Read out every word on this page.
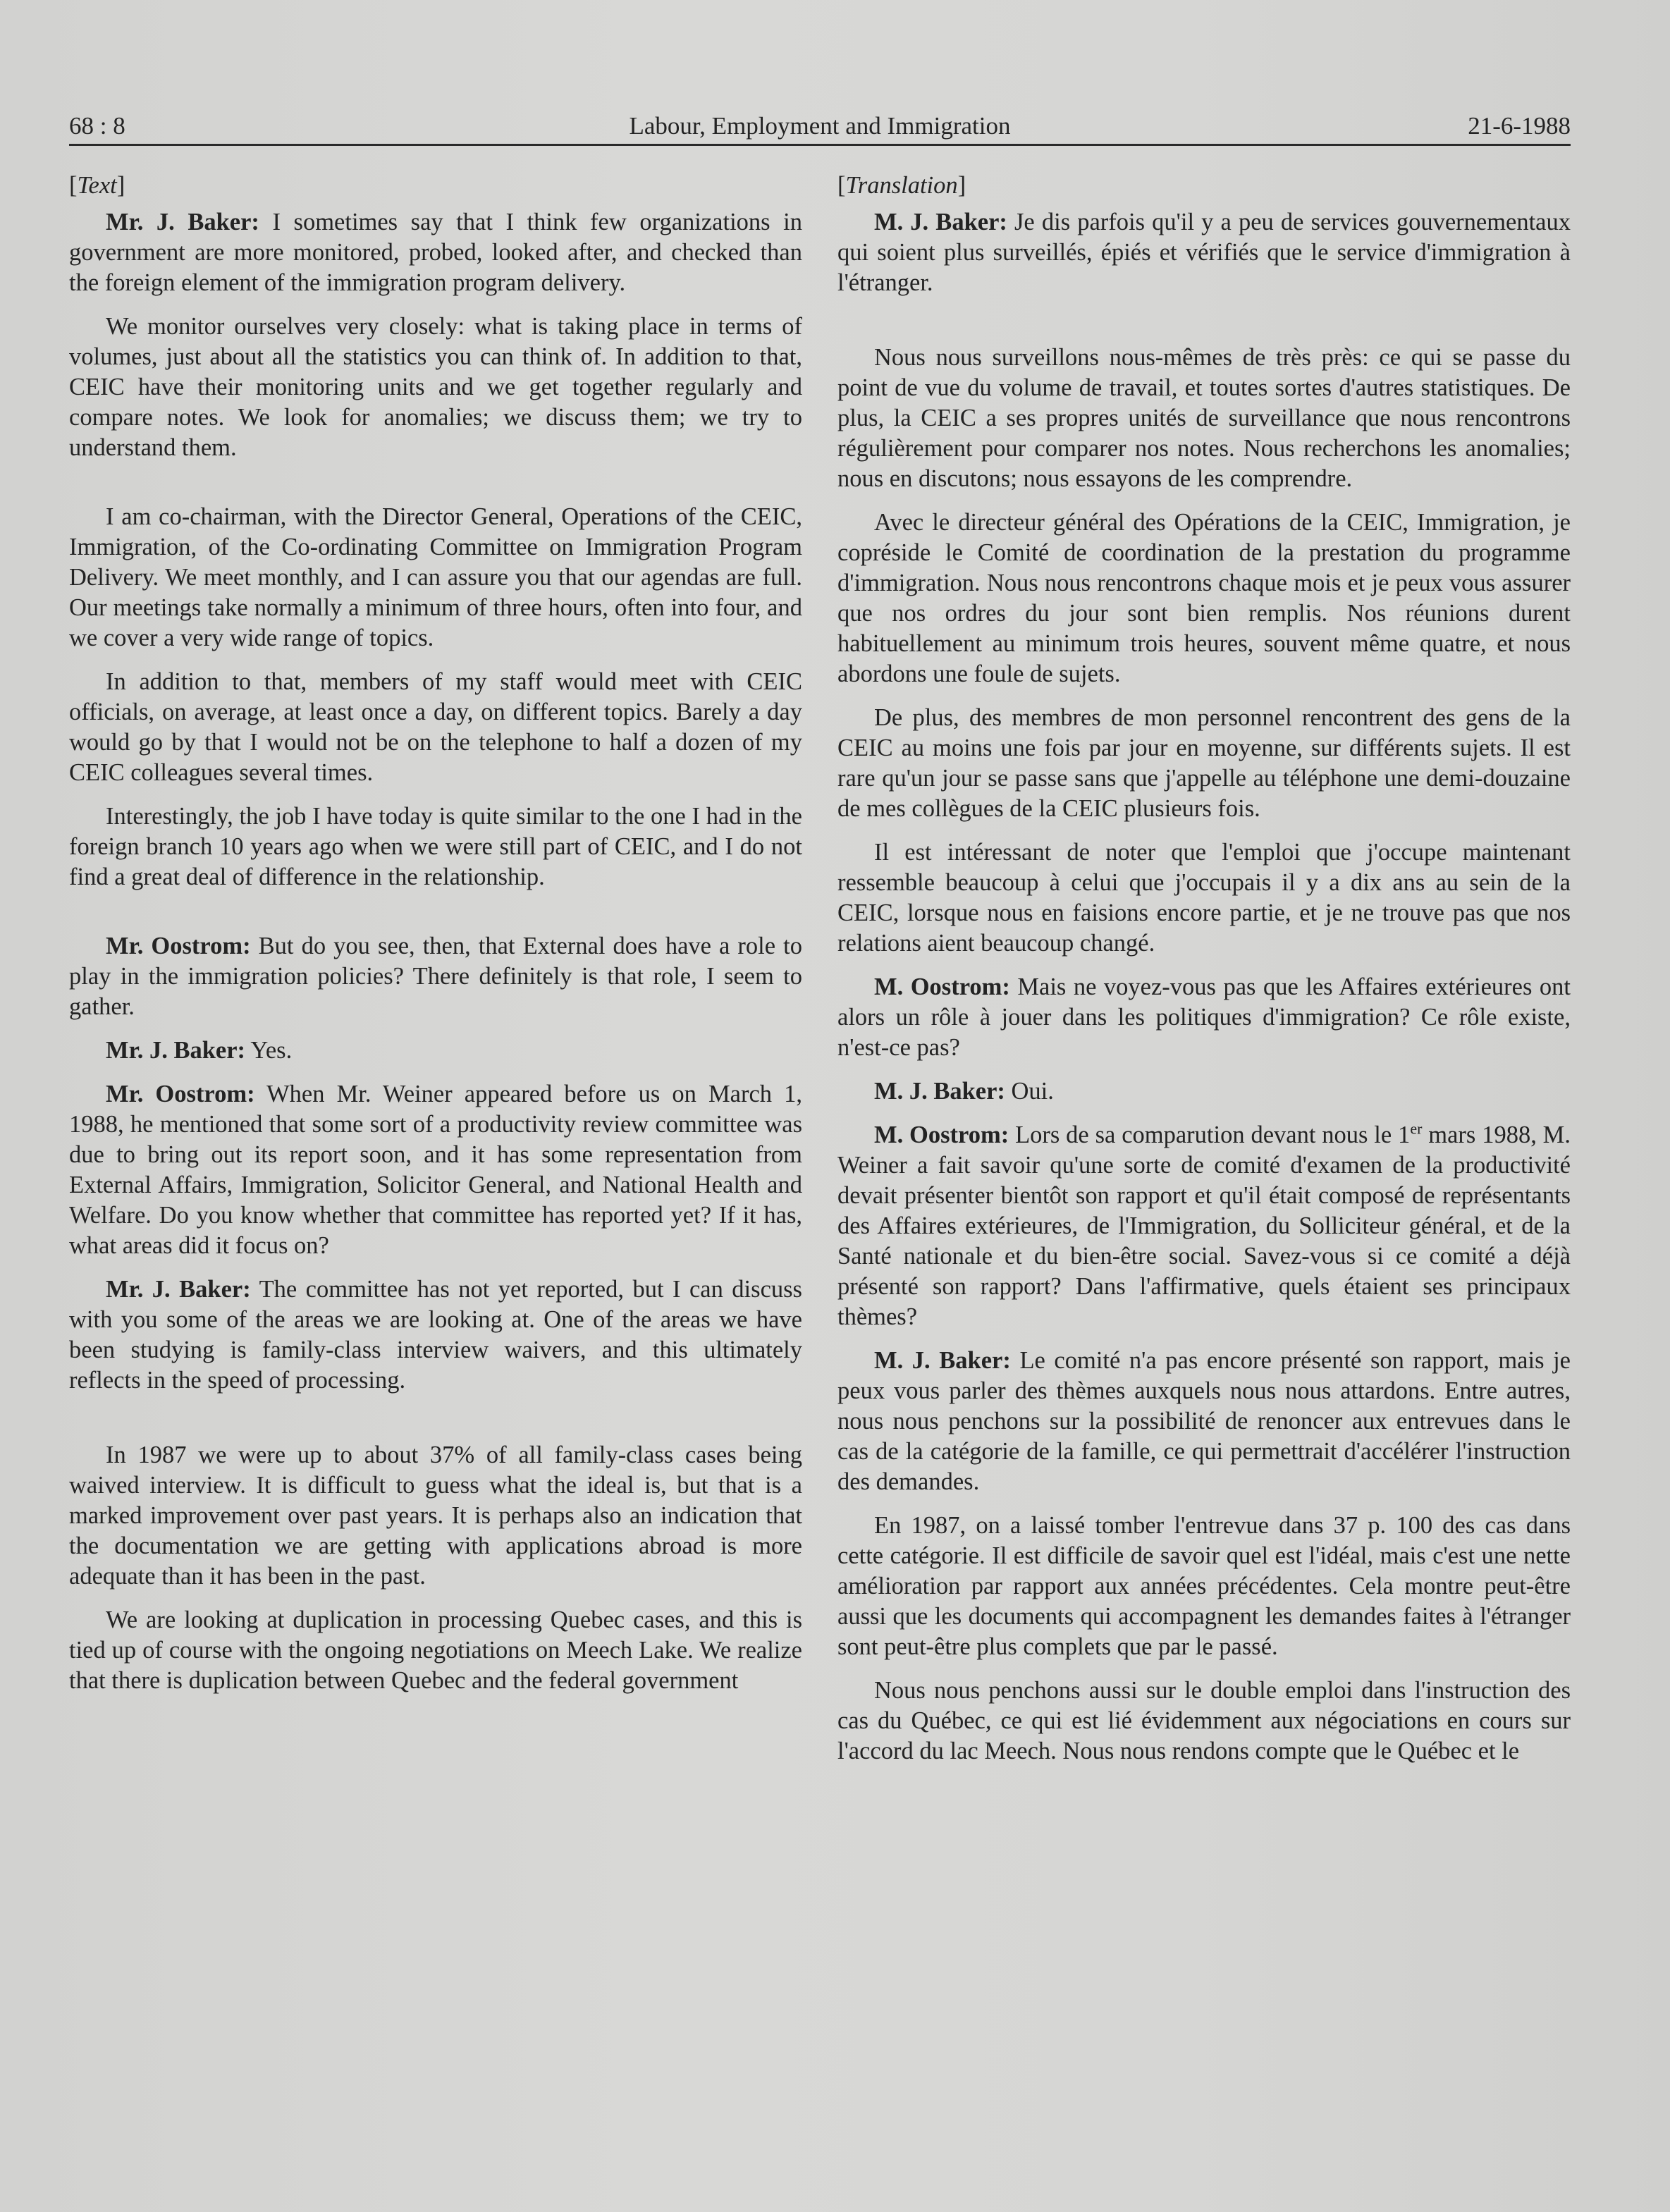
68 : 8	Labour, Employment and Immigration	21-6-1988
[Text]

Mr. J. Baker: I sometimes say that I think few organizations in government are more monitored, probed, looked after, and checked than the foreign element of the immigration program delivery.

We monitor ourselves very closely: what is taking place in terms of volumes, just about all the statistics you can think of. In addition to that, CEIC have their monitoring units and we get together regularly and compare notes. We look for anomalies; we discuss them; we try to understand them.

I am co-chairman, with the Director General, Operations of the CEIC, Immigration, of the Co-ordinating Committee on Immigration Program Delivery. We meet monthly, and I can assure you that our agendas are full. Our meetings take normally a minimum of three hours, often into four, and we cover a very wide range of topics.

In addition to that, members of my staff would meet with CEIC officials, on average, at least once a day, on different topics. Barely a day would go by that I would not be on the telephone to half a dozen of my CEIC colleagues several times.

Interestingly, the job I have today is quite similar to the one I had in the foreign branch 10 years ago when we were still part of CEIC, and I do not find a great deal of difference in the relationship.

Mr. Oostrom: But do you see, then, that External does have a role to play in the immigration policies? There definitely is that role, I seem to gather.

Mr. J. Baker: Yes.

Mr. Oostrom: When Mr. Weiner appeared before us on March 1, 1988, he mentioned that some sort of a productivity review committee was due to bring out its report soon, and it has some representation from External Affairs, Immigration, Solicitor General, and National Health and Welfare. Do you know whether that committee has reported yet? If it has, what areas did it focus on?

Mr. J. Baker: The committee has not yet reported, but I can discuss with you some of the areas we are looking at. One of the areas we have been studying is family-class interview waivers, and this ultimately reflects in the speed of processing.

In 1987 we were up to about 37% of all family-class cases being waived interview. It is difficult to guess what the ideal is, but that is a marked improvement over past years. It is perhaps also an indication that the documentation we are getting with applications abroad is more adequate than it has been in the past.

We are looking at duplication in processing Quebec cases, and this is tied up of course with the ongoing negotiations on Meech Lake. We realize that there is duplication between Quebec and the federal government

[Translation]

M. J. Baker: Je dis parfois qu'il y a peu de services gouvernementaux qui soient plus surveillés, épiés et vérifiés que le service d'immigration à l'étranger.

Nous nous surveillons nous-mêmes de très près: ce qui se passe du point de vue du volume de travail, et toutes sortes d'autres statistiques. De plus, la CEIC a ses propres unités de surveillance que nous rencontrons régulièrement pour comparer nos notes. Nous recherchons les anomalies; nous en discutons; nous essayons de les comprendre.

Avec le directeur général des Opérations de la CEIC, Immigration, je copréside le Comité de coordination de la prestation du programme d'immigration. Nous nous rencontrons chaque mois et je peux vous assurer que nos ordres du jour sont bien remplis. Nos réunions durent habituellement au minimum trois heures, souvent même quatre, et nous abordons une foule de sujets.

De plus, des membres de mon personnel rencontrent des gens de la CEIC au moins une fois par jour en moyenne, sur différents sujets. Il est rare qu'un jour se passe sans que j'appelle au téléphone une demi-douzaine de mes collègues de la CEIC plusieurs fois.

Il est intéressant de noter que l'emploi que j'occupe maintenant ressemble beaucoup à celui que j'occupais il y a dix ans au sein de la CEIC, lorsque nous en faisions encore partie, et je ne trouve pas que nos relations aient beaucoup changé.

M. Oostrom: Mais ne voyez-vous pas que les Affaires extérieures ont alors un rôle à jouer dans les politiques d'immigration? Ce rôle existe, n'est-ce pas?

M. J. Baker: Oui.

M. Oostrom: Lors de sa comparution devant nous le 1er mars 1988, M. Weiner a fait savoir qu'une sorte de comité d'examen de la productivité devait présenter bientôt son rapport et qu'il était composé de représentants des Affaires extérieures, de l'Immigration, du Solliciteur général, et de la Santé nationale et du bien-être social. Savez-vous si ce comité a déjà présenté son rapport? Dans l'affirmative, quels étaient ses principaux thèmes?

M. J. Baker: Le comité n'a pas encore présenté son rapport, mais je peux vous parler des thèmes auxquels nous nous attardons. Entre autres, nous nous penchons sur la possibilité de renoncer aux entrevues dans le cas de la catégorie de la famille, ce qui permettrait d'accélérer l'instruction des demandes.

En 1987, on a laissé tomber l'entrevue dans 37 p. 100 des cas dans cette catégorie. Il est difficile de savoir quel est l'idéal, mais c'est une nette amélioration par rapport aux années précédentes. Cela montre peut-être aussi que les documents qui accompagnent les demandes faites à l'étranger sont peut-être plus complets que par le passé.

Nous nous penchons aussi sur le double emploi dans l'instruction des cas du Québec, ce qui est lié évidemment aux négociations en cours sur l'accord du lac Meech. Nous nous rendons compte que le Québec et le
